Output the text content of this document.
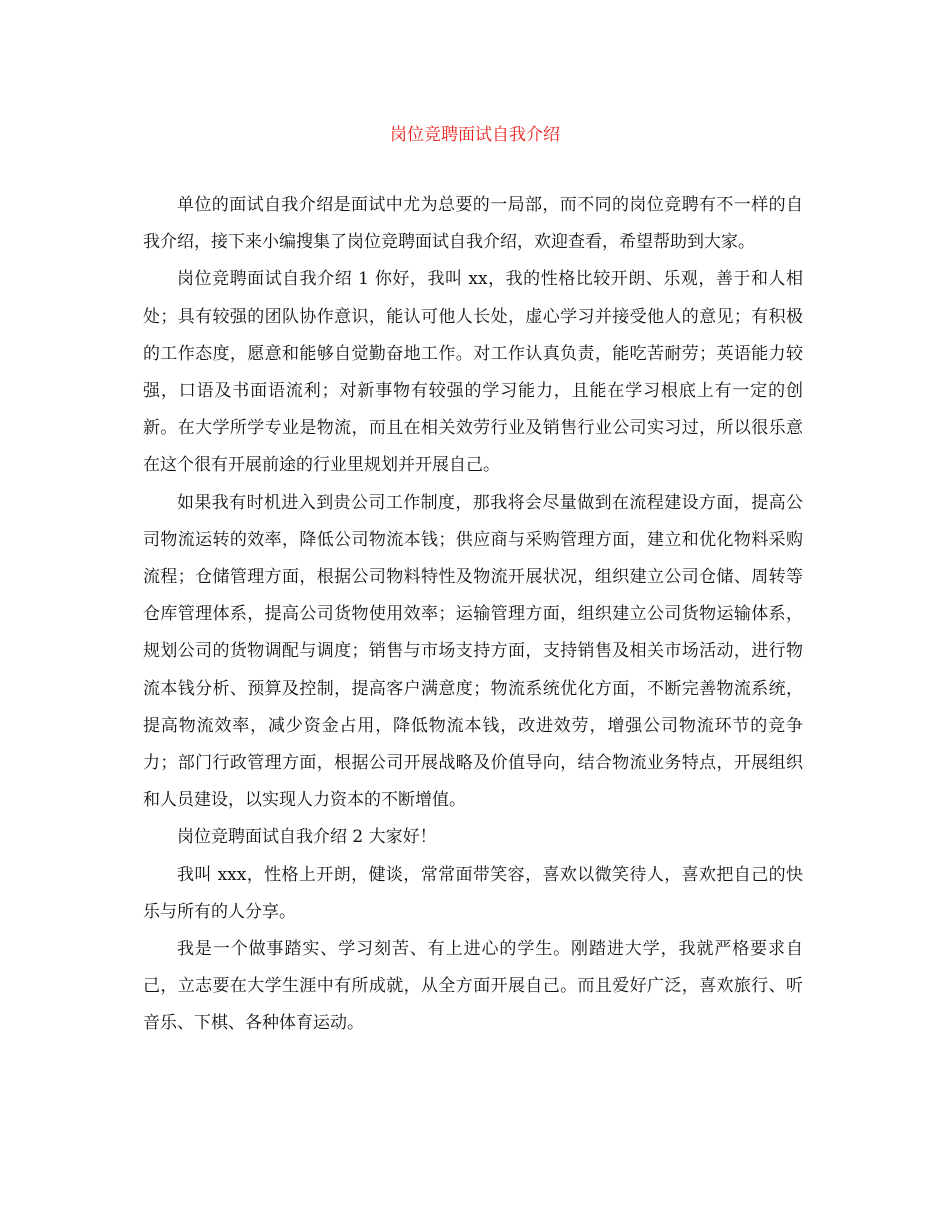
岗位竞聘面试自我介绍

单位的面试自我介绍是面试中尤为总要的一局部，而不同的岗位竞聘有不一样的自我介绍，接下来小编搜集了岗位竞聘面试自我介绍，欢迎查看，希望帮助到大家。

岗位竞聘面试自我介绍 1 你好，我叫 xx，我的性格比较开朗、乐观，善于和人相处；具有较强的团队协作意识，能认可他人长处，虚心学习并接受他人的意见；有积极的工作态度，愿意和能够自觉勤奋地工作。对工作认真负责，能吃苦耐劳；英语能力较强，口语及书面语流利；对新事物有较强的学习能力，且能在学习根底上有一定的创新。在大学所学专业是物流，而且在相关效劳行业及销售行业公司实习过，所以很乐意在这个很有开展前途的行业里规划并开展自己。

如果我有时机进入到贵公司工作制度，那我将会尽量做到在流程建设方面，提高公司物流运转的效率，降低公司物流本钱；供应商与采购管理方面，建立和优化物料采购流程；仓储管理方面，根据公司物料特性及物流开展状况，组织建立公司仓储、周转等仓库管理体系，提高公司货物使用效率；运输管理方面，组织建立公司货物运输体系，规划公司的货物调配与调度；销售与市场支持方面，支持销售及相关市场活动，进行物流本钱分析、预算及控制，提高客户满意度；物流系统优化方面，不断完善物流系统，提高物流效率，减少资金占用，降低物流本钱，改进效劳，增强公司物流环节的竞争力；部门行政管理方面，根据公司开展战略及价值导向，结合物流业务特点，开展组织和人员建设，以实现人力资本的不断增值。

岗位竞聘面试自我介绍 2 大家好！

我叫 xxx，性格上开朗，健谈，常常面带笑容，喜欢以微笑待人，喜欢把自己的快乐与所有的人分享。

我是一个做事踏实、学习刻苦、有上进心的学生。刚踏进大学，我就严格要求自己，立志要在大学生涯中有所成就，从全方面开展自己。而且爱好广泛，喜欢旅行、听音乐、下棋、各种体育运动。
